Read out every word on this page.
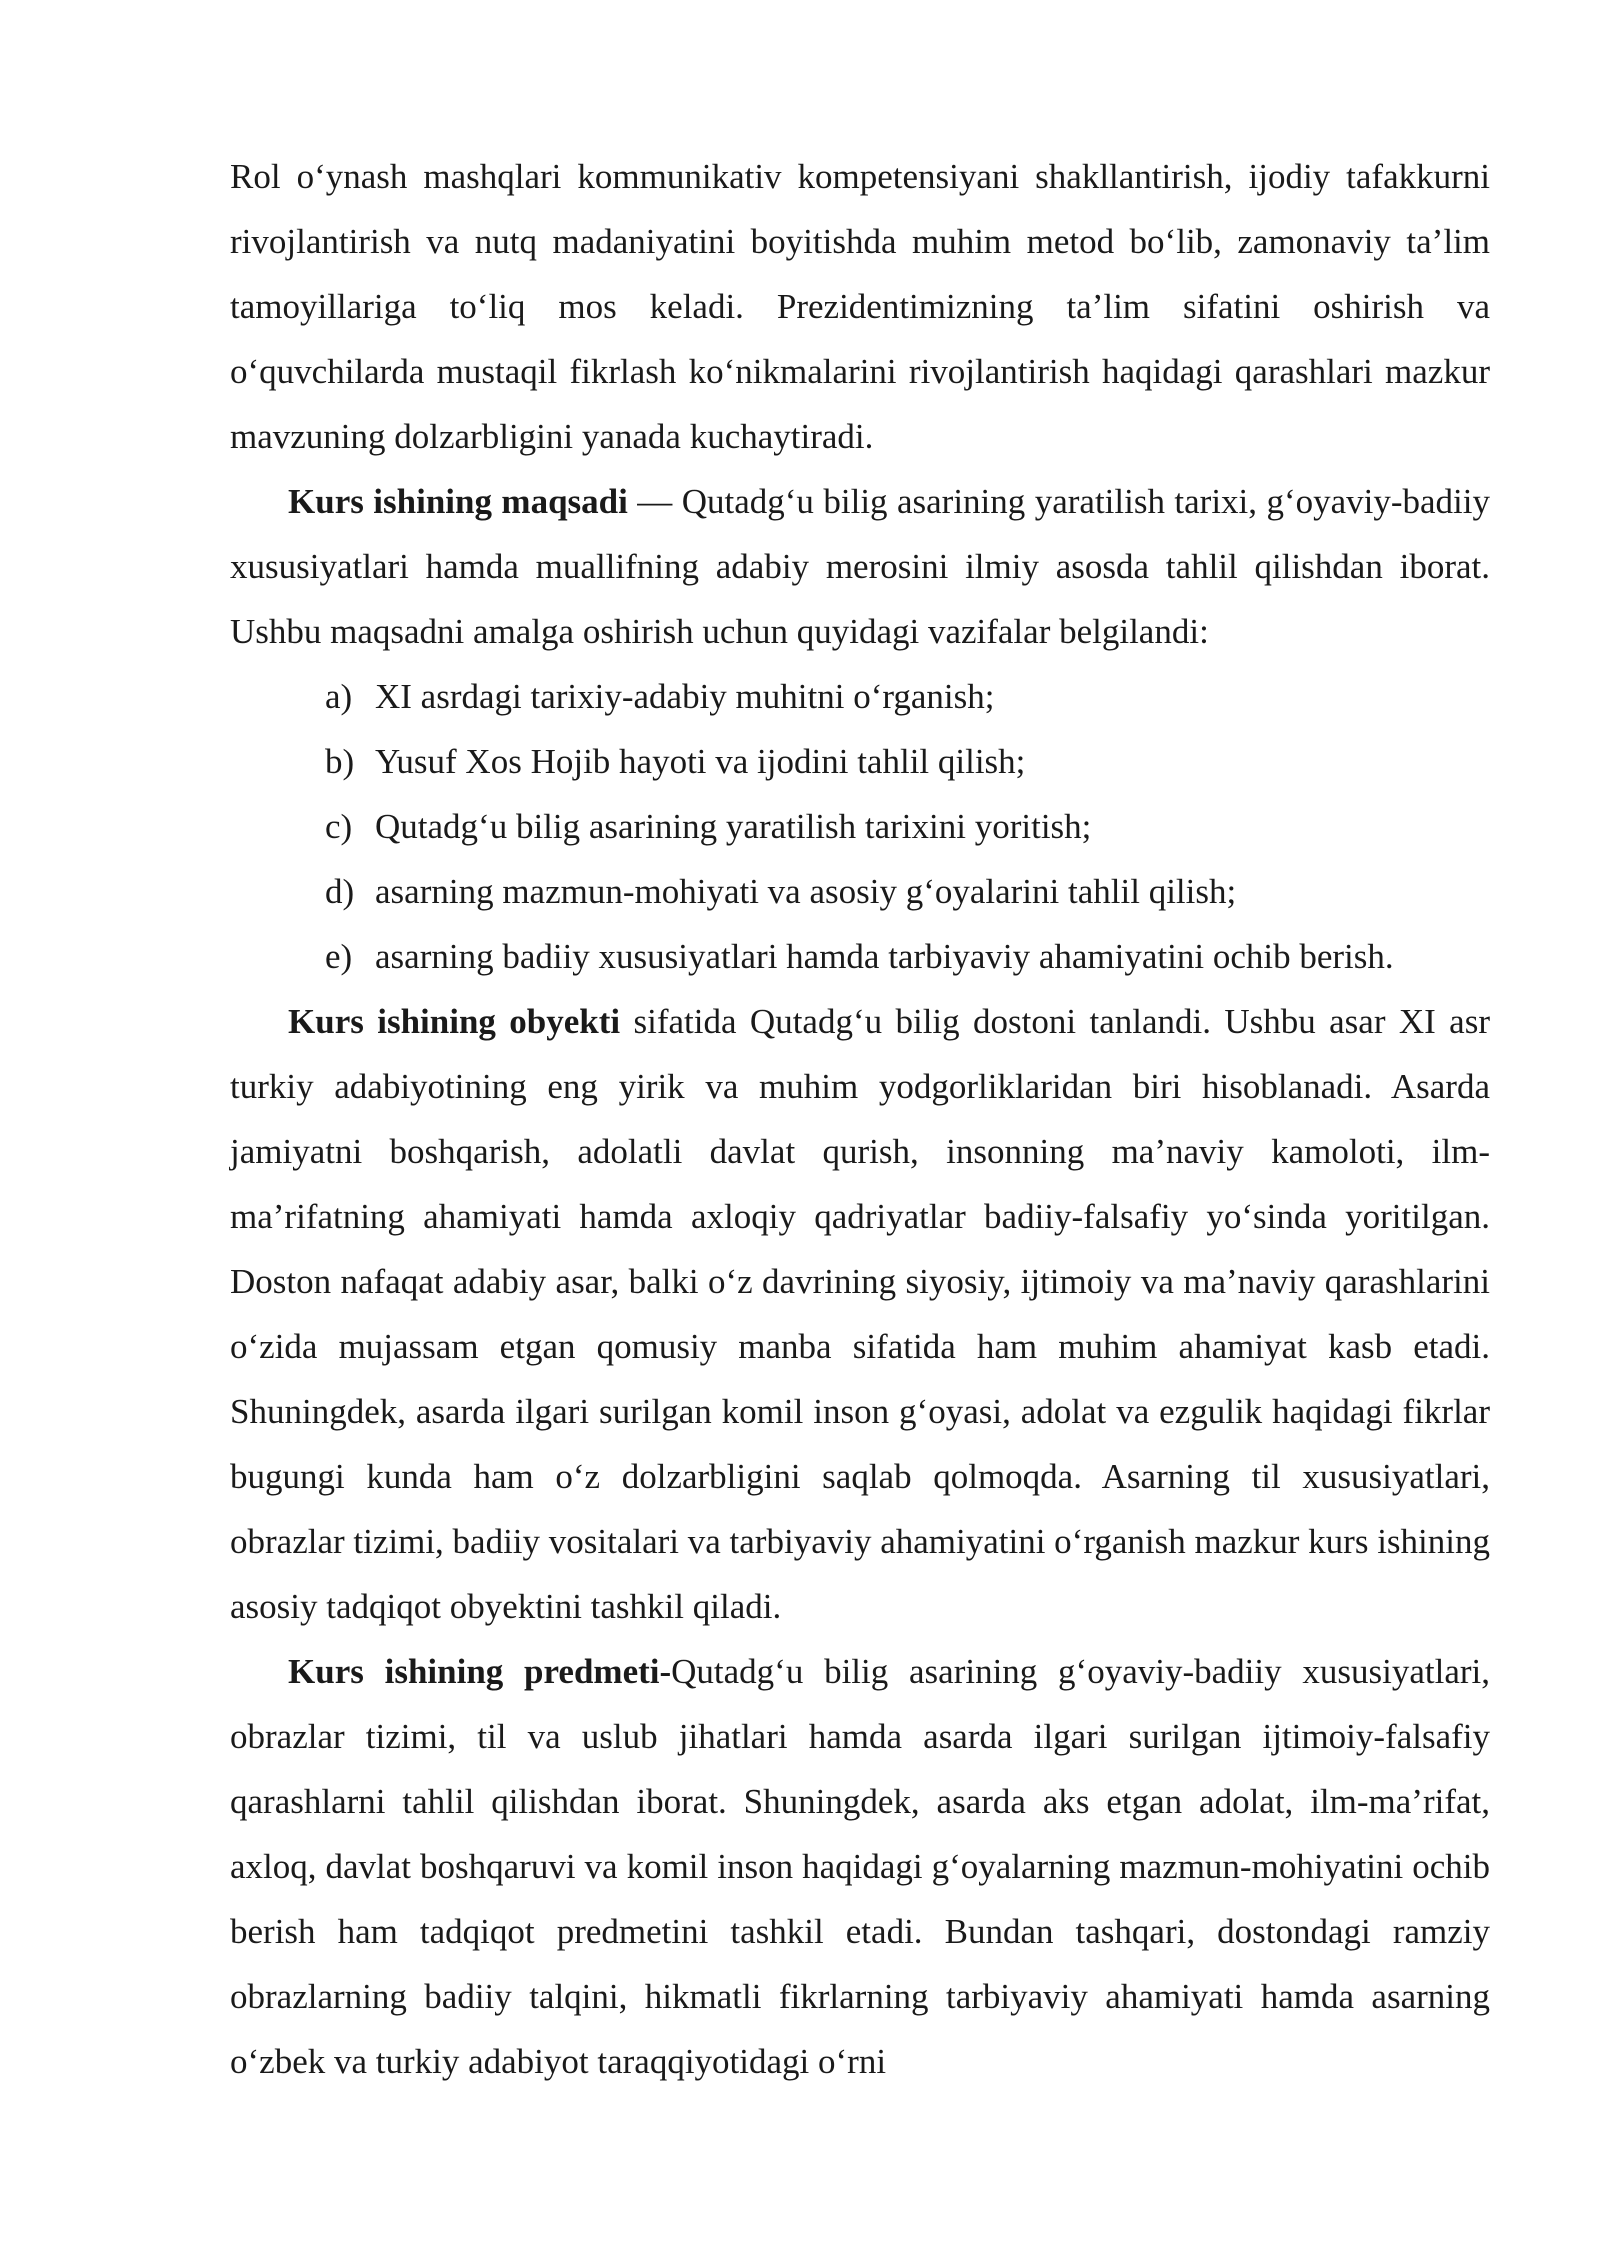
Rol o‘ynash mashqlari kommunikativ kompetensiyani shakllantirish, ijodiy tafakkurni rivojlantirish va nutq madaniyatini boyitishda muhim metod bo‘lib, zamonaviy ta’lim tamoyillariga to‘liq mos keladi. Prezidentimizning ta’lim sifatini oshirish va o‘quvchilarda mustaqil fikrlash ko‘nikmalarini rivojlantirish haqidagi qarashlari mazkur mavzuning dolzarbligini yanada kuchaytiradi.

Kurs ishining maqsadi — Qutadg‘u bilig asarining yaratilish tarixi, g‘oyaviy-badiiy xususiyatlari hamda muallifning adabiy merosini ilmiy asosda tahlil qilishdan iborat. Ushbu maqsadni amalga oshirish uchun quyidagi vazifalar belgilandi:

a) XI asrdagi tarixiy-adabiy muhitni o‘rganish;
b) Yusuf Xos Hojib hayoti va ijodini tahlil qilish;
c) Qutadg‘u bilig asarining yaratilish tarixini yoritish;
d) asarning mazmun-mohiyati va asosiy g‘oyalarini tahlil qilish;
e) asarning badiiy xususiyatlari hamda tarbiyaviy ahamiyatini ochib berish.

Kurs ishining obyekti sifatida Qutadg‘u bilig dostoni tanlandi. Ushbu asar XI asr turkiy adabiyotining eng yirik va muhim yodgorliklaridan biri hisoblanadi. Asarda jamiyatni boshqarish, adolatli davlat qurish, insonning ma’naviy kamoloti, ilm-ma’rifatning ahamiyati hamda axloqiy qadriyatlar badiiy-falsafiy yo‘sinda yoritilgan. Doston nafaqat adabiy asar, balki o‘z davrining siyosiy, ijtimoiy va ma’naviy qarashlarini o‘zida mujassam etgan qomusiy manba sifatida ham muhim ahamiyat kasb etadi. Shuningdek, asarda ilgari surilgan komil inson g‘oyasi, adolat va ezgulik haqidagi fikrlar bugungi kunda ham o‘z dolzarbligini saqlab qolmoqda. Asarning til xususiyatlari, obrazlar tizimi, badiiy vositalari va tarbiyaviy ahamiyatini o‘rganish mazkur kurs ishining asosiy tadqiqot obyektini tashkil qiladi.

Kurs ishining predmeti-Qutadg‘u bilig asarining g‘oyaviy-badiiy xususiyatlari, obrazlar tizimi, til va uslub jihatlari hamda asarda ilgari surilgan ijtimoiy-falsafiy qarashlarni tahlil qilishdan iborat. Shuningdek, asarda aks etgan adolat, ilm-ma’rifat, axloq, davlat boshqaruvi va komil inson haqidagi g‘oyalarning mazmun-mohiyatini ochib berish ham tadqiqot predmetini tashkil etadi. Bundan tashqari, dostondagi ramziy obrazlarning badiiy talqini, hikmatli fikrlarning tarbiyaviy ahamiyati hamda asarning o‘zbek va turkiy adabiyot taraqqiyotidagi o‘rni
